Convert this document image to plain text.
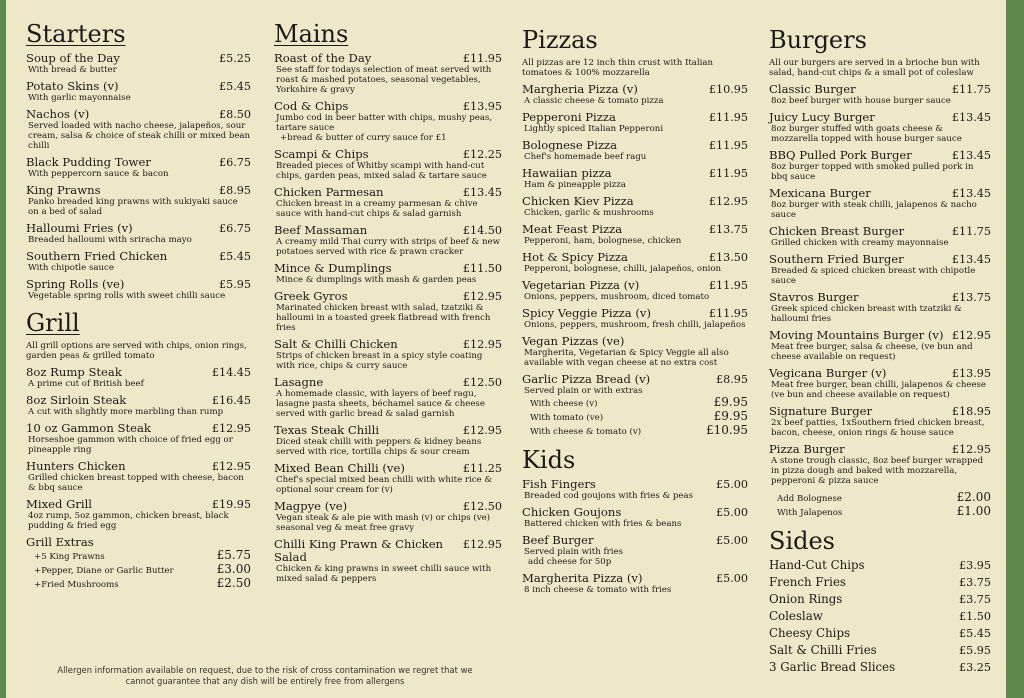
Starters
Soup of the Day	£5.25
With bread & butter
Potato Skins (v)	£5.45
With garlic mayonnaise
Nachos (v)	£8.50
Served loaded with nacho cheese, jalapeños, sour cream, salsa & choice of steak chilli or mixed bean chilli
Black Pudding Tower	£6.75
With peppercorn sauce & bacon
King Prawns	£8.95
Panko breaded king prawns with sukiyaki sauce on a bed of salad
Halloumi Fries (v)	£6.75
Breaded halloumi with sriracha mayo
Southern Fried Chicken	£5.45
With chipotle sauce
Spring Rolls (ve)	£5.95
Vegetable spring rolls with sweet chilli sauce
Grill
All grill options are served with chips, onion rings, garden peas & grilled tomato
8oz Rump Steak	£14.45
A prime cut of British beef
8oz Sirloin Steak	£16.45
A cut with slightly more marbling than rump
10 oz Gammon Steak	£12.95
Horseshoe gammon with choice of fried egg or pineapple ring
Hunters Chicken	£12.95
Grilled chicken breast topped with cheese, bacon & bbq sauce
Mixed Grill	£19.95
4oz rump, 5oz gammon, chicken breast, black pudding & fried egg
Grill Extras
+5 King Prawns	£5.75
+Pepper, Diane or Garlic Butter	£3.00
+Fried Mushrooms	£2.50
Mains
Roast of the Day	£11.95
See staff for todays selection of meat served with roast & mashed potatoes, seasonal vegetables, Yorkshire & gravy
Cod & Chips	£13.95
Jumbo cod in beer batter with chips, mushy peas, tartare sauce
+bread & butter of curry sauce for £1
Scampi & Chips	£12.25
Breaded pieces of Whitby scampi with hand-cut chips, garden peas, mixed salad & tartare sauce
Chicken Parmesan	£13.45
Chicken breast in a creamy parmesan & chive sauce with hand-cut chips & salad garnish
Beef Massaman	£14.50
A creamy mild Thai curry with strips of beef & new potatoes served with rice & prawn cracker
Mince & Dumplings	£11.50
Mince & dumplings with mash & garden peas
Greek Gyros	£12.95
Marinated chicken breast with salad, tzatziki & halloumi in a toasted greek flatbread with french fries
Salt & Chilli Chicken	£12.95
Strips of chicken breast in a spicy style coating with rice, chips & curry sauce
Lasagne	£12.50
A homemade classic, with layers of beef ragu, lasagne pasta sheets, béchamel sauce & cheese served with garlic bread & salad garnish
Texas Steak Chilli	£12.95
Diced steak chilli with peppers & kidney beans served with rice, tortilla chips & sour cream
Mixed Bean Chilli (ve)	£11.25
Chef's special mixed bean chilli with white rice & optional sour cream for (v)
Magpye (ve)	£12.50
Vegan steak & ale pie with mash (v) or chips (ve) seasonal veg & meat free gravy
Chilli King Prawn & Chicken Salad
£12.95
Chicken & king prawns in sweet chilli sauce with mixed salad & peppers
Pizzas
All pizzas are 12 inch thin crust with Italian tomatoes & 100% mozzarella
Margheria Pizza (v)	£10.95
A classic cheese & tomato pizza
Pepperoni Pizza	£11.95
Lightly spiced Italian Pepperoni
Bolognese Pizza	£11.95
Chef's homemade beef ragu
Hawaiian pizza	£11.95
Ham & pineapple pizza
Chicken Kiev Pizza	£12.95
Chicken, garlic & mushrooms
Meat Feast Pizza	£13.75
Pepperoni, ham, bolognese, chicken
Hot & Spicy Pizza	£13.50
Pepperoni, bolognese, chilli, jalapeños, onion
Vegetarian Pizza (v)	£11.95
Onions, peppers, mushroom, diced tomato
Spicy Veggie Pizza (v)	£11.95
Onions, peppers, mushroom, fresh chilli, jalapeños
Vegan Pizzas (ve)
Margherita, Vegetarian & Spicy Veggie all also available with vegan cheese at no extra cost
Garlic Pizza Bread (v)	£8.95
Served plain or with extras
With cheese (v)	£9.95
With tomato (ve)	£9.95
With cheese & tomato (v)	£10.95
Kids
Fish Fingers	£5.00
Breaded cod goujons with fries & peas
Chicken Goujons	£5.00
Battered chicken with fries & beans
Beef Burger	£5.00
Served plain with fries
add cheese for 50p
Margherita Pizza (v)	£5.00
8 inch cheese & tomato with fries
Burgers
All our burgers are served in a brioche bun with salad, hand-cut chips & a small pot of coleslaw
Classic Burger	£11.75
8oz beef burger with house burger sauce
Juicy Lucy Burger	£13.45
8oz burger stuffed with goats cheese & mozzarella topped with house burger sauce
BBQ Pulled Pork Burger	£13.45
8oz burger topped with smoked pulled pork in bbq sauce
Mexicana Burger	£13.45
8oz burger with steak chilli, jalapenos & nacho sauce
Chicken Breast Burger	£11.75
Grilled chicken with creamy mayonnaise
Southern Fried Burger	£13.45
Breaded & spiced chicken breast with chipotle sauce
Stavros Burger	£13.75
Greek spiced chicken breast with tzatziki & halloumi fries
Moving Mountains Burger (v) £12.95
Meat free burger, salsa & cheese, (ve bun and cheese available on request)
Vegicana Burger (v)	£13.95
Meat free burger, bean chilli, jalapenos & cheese (ve bun and cheese available on request)
Signature Burger	£18.95
2x beef patties, 1xSouthern fried chicken breast, bacon, cheese, onion rings & house sauce
Pizza Burger	£12.95
A stone trough classic, 8oz beef burger wrapped in pizza dough and baked with mozzarella, pepperoni & pizza sauce
Add Bolognese	£2.00
With Jalapenos	£1.00
Sides
Hand-Cut Chips	£3.95
French Fries	£3.75
Onion Rings	£3.75
Coleslaw	£1.50
Cheesy Chips	£5.45
Salt & Chilli Fries	£5.95
3 Garlic Bread Slices	£3.25
Allergen information available on request, due to the risk of cross contamination we regret that we
cannot guarantee that any dish will be entirely free from allergens
